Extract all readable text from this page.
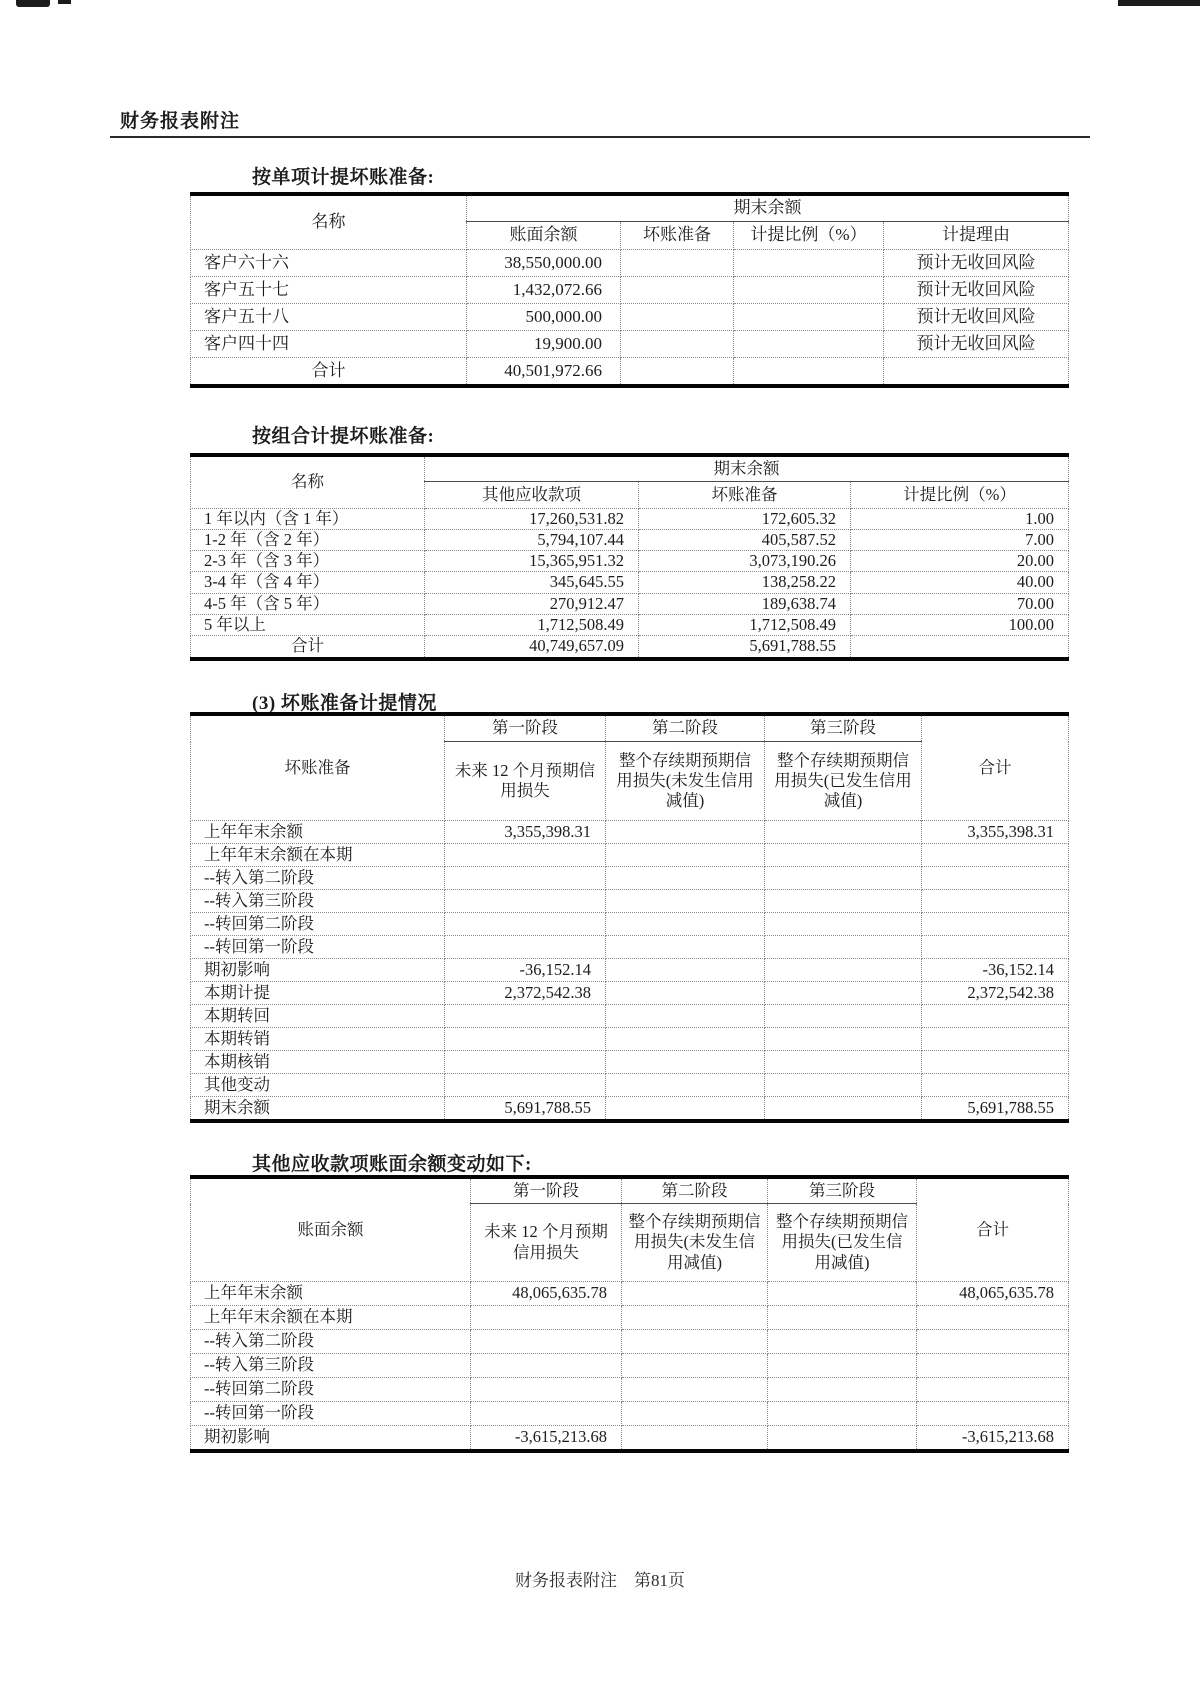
财务报表附注
按单项计提坏账准备:
名称	期末余额			
	账面余额	坏账准备	计提比例（%）	计提理由
客户六十六	38,550,000.00			预计无收回风险
客户五十七	1,432,072.66			预计无收回风险
客户五十八	500,000.00			预计无收回风险
客户四十四	19,900.00			预计无收回风险
合计	40,501,972.66			
按组合计提坏账准备:
名称	期末余额		
	其他应收款项	坏账准备	计提比例（%）
1 年以内（含 1 年）	17,260,531.82	172,605.32	1.00
1-2 年（含 2 年）	5,794,107.44	405,587.52	7.00
2-3 年（含 3 年）	15,365,951.32	3,073,190.26	20.00
3-4 年（含 4 年）	345,645.55	138,258.22	40.00
4-5 年（含 5 年）	270,912.47	189,638.74	70.00
5 年以上	1,712,508.49	1,712,508.49	100.00
合计	40,749,657.09	5,691,788.55	
(3) 坏账准备计提情况
坏账准备	第一阶段	第二阶段	第三阶段	合计
	未来 12 个月预期信用损失	整个存续期预期信用损失(未发生信用减值)	整个存续期预期信用损失(已发生信用减值)	
上年年末余额	3,355,398.31			3,355,398.31
上年年末余额在本期				
--转入第二阶段				
--转入第三阶段				
--转回第二阶段				
--转回第一阶段				
期初影响	-36,152.14			-36,152.14
本期计提	2,372,542.38			2,372,542.38
本期转回				
本期转销				
本期核销				
其他变动				
期末余额	5,691,788.55			5,691,788.55
其他应收款项账面余额变动如下:
账面余额	第一阶段	第二阶段	第三阶段	合计
	未来 12 个月预期信用损失	整个存续期预期信用损失(未发生信用减值)	整个存续期预期信用损失(已发生信用减值)	
上年年末余额	48,065,635.78			48,065,635.78
上年年末余额在本期				
--转入第二阶段				
--转入第三阶段				
--转回第二阶段				
--转回第一阶段				
期初影响	-3,615,213.68			-3,615,213.68
财务报表附注　第81页
